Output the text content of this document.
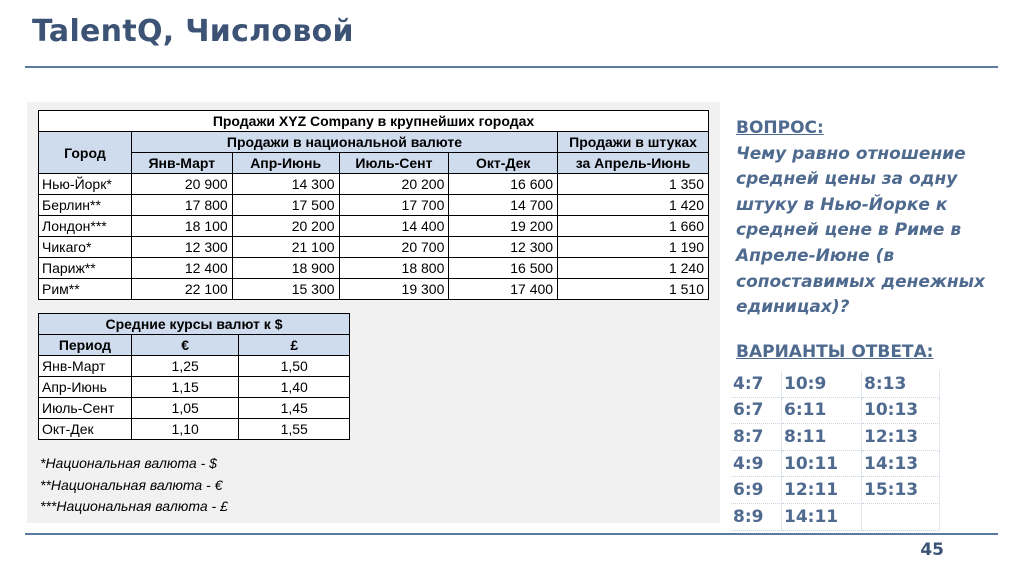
TalentQ, Числовой
Продажи XYZ Company в крупнейших городах					
Город	Продажи в национальной валюте				Продажи в штуках
	Янв-Март	Апр-Июнь	Июль-Сент	Окт-Дек	за Апрель-Июнь
Нью-Йорк*	20 900	14 300	20 200	16 600	1 350
Берлин**	17 800	17 500	17 700	14 700	1 420
Лондон***	18 100	20 200	14 400	19 200	1 660
Чикаго*	12 300	21 100	20 700	12 300	1 190
Париж**	12 400	18 900	18 800	16 500	1 240
Рим**	22 100	15 300	19 300	17 400	1 510
Средние курсы валют к $		
Период	€	£
Янв-Март	1,25	1,50
Апр-Июнь	1,15	1,40
Июль-Сент	1,05	1,45
Окт-Дек	1,10	1,55
*Национальная валюта - $
**Национальная валюта - €
***Национальная валюта - £
ВОПРОС:
Чему равно отношение средней цены за одну штуку в Нью-Йорке к средней цене в Риме в Апреле-Июне (в сопоставимых денежных единицах)?
ВАРИАНТЫ ОТВЕТА:
4:7	10:9	8:13
6:7	6:11	10:13
8:7	8:11	12:13
4:9	10:11	14:13
6:9	12:11	15:13
8:9	14:11
45
